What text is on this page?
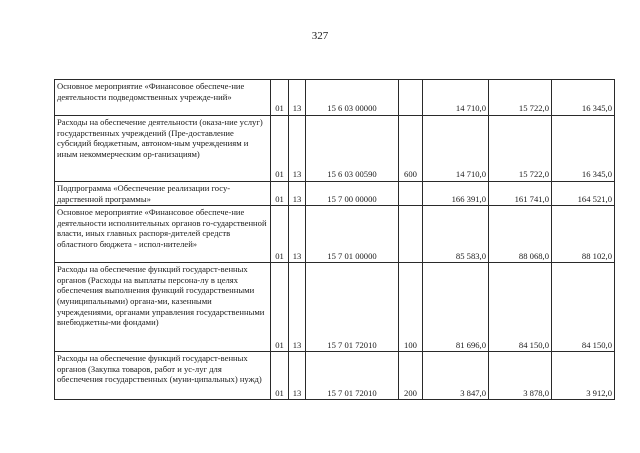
327
Основное мероприятие «Финансовое обеспече-ние деятельности подведомственных учрежде-ний»	01	13	15 6 03 00000		14 710,0	15 722,0	16 345,0

Расходы на обеспечение деятельности (оказа-ние услуг) государственных учреждений (Пре-доставление субсидий бюджетным, автоном-ным учреждениям и иным некоммерческим ор-ганизациям)	01	13	15 6 03 00590	600	14 710,0	15 722,0	16 345,0

Подпрограмма «Обеспечение реализации госу-дарственной программы»	01	13	15 7 00 00000		166 391,0	161 741,0	164 521,0

Основное мероприятие «Финансовое обеспече-ние деятельности исполнительных органов го-сударственной власти, иных главных распоря-дителей средств областного бюджета - испол-нителей»	01	13	15 7 01 00000		85 583,0	88 068,0	88 102,0

Расходы на обеспечение функций государст-венных органов (Расходы на выплаты персона-лу в целях обеспечения выполнения функций государственными (муниципальными) органа-ми, казенными учреждениями, органами управления государственными внебюджетны-ми фондами)	01	13	15 7 01 72010	100	81 696,0	84 150,0	84 150,0

Расходы на обеспечение функций государст-венных органов (Закупка товаров, работ и ус-луг для обеспечения государственных (муни-ципальных) нужд)	01	13	15 7 01 72010	200	3 847,0	3 878,0	3 912,0
